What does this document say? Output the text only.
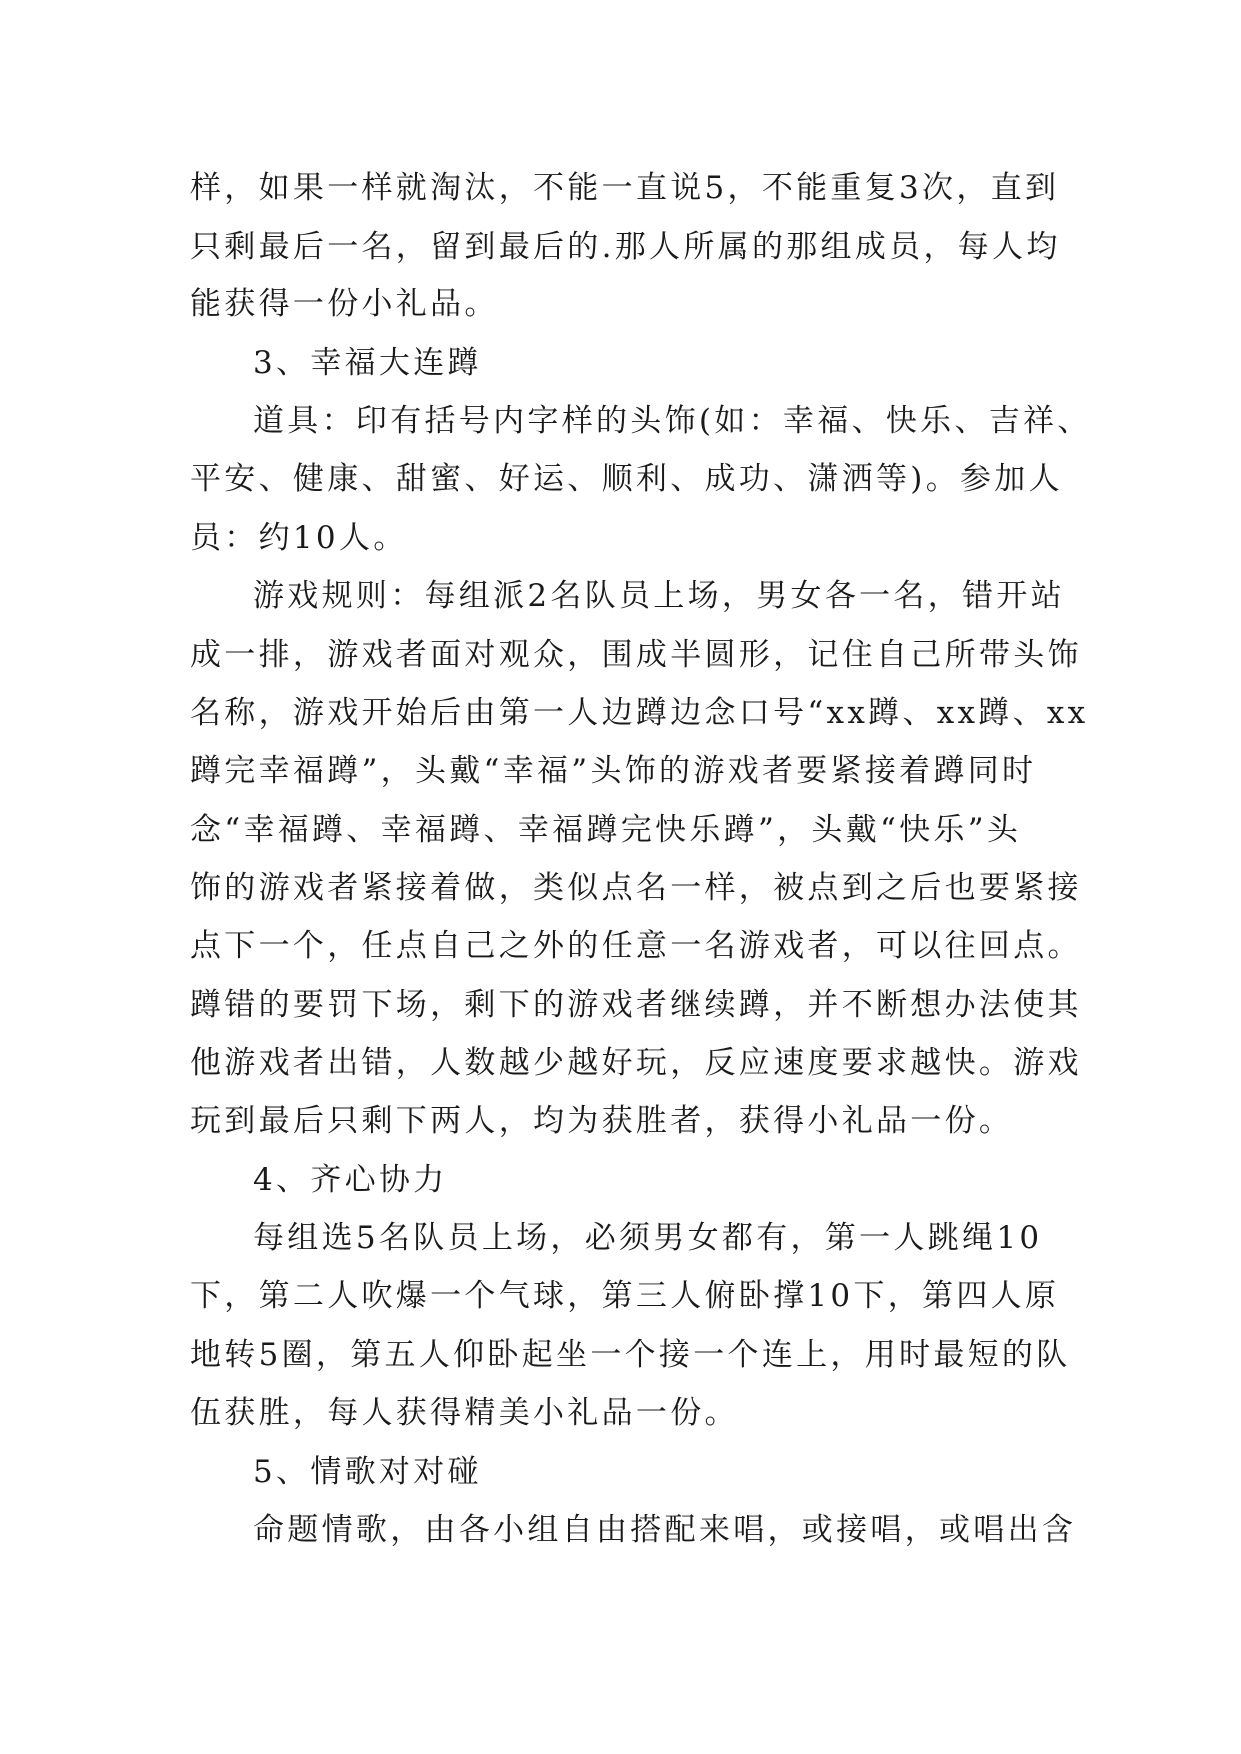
样，如果一样就淘汰，不能一直说5，不能重复3次，直到
只剩最后一名，留到最后的.那人所属的那组成员，每人均
能获得一份小礼品。
3、幸福大连蹲
道具：印有括号内字样的头饰(如：幸福、快乐、吉祥、
平安、健康、甜蜜、好运、顺利、成功、潇洒等)。参加人
员：约10人。
游戏规则：每组派2名队员上场，男女各一名，错开站
成一排，游戏者面对观众，围成半圆形，记住自己所带头饰
名称，游戏开始后由第一人边蹲边念口号“xx蹲、xx蹲、xx
蹲完幸福蹲”，头戴“幸福”头饰的游戏者要紧接着蹲同时
念“幸福蹲、幸福蹲、幸福蹲完快乐蹲”，头戴“快乐”头
饰的游戏者紧接着做，类似点名一样，被点到之后也要紧接
点下一个，任点自己之外的任意一名游戏者，可以往回点。
蹲错的要罚下场，剩下的游戏者继续蹲，并不断想办法使其
他游戏者出错，人数越少越好玩，反应速度要求越快。游戏
玩到最后只剩下两人，均为获胜者，获得小礼品一份。
4、齐心协力
每组选5名队员上场，必须男女都有，第一人跳绳10
下，第二人吹爆一个气球，第三人俯卧撑10下，第四人原
地转5圈，第五人仰卧起坐一个接一个连上，用时最短的队
伍获胜，每人获得精美小礼品一份。
5、情歌对对碰
命题情歌，由各小组自由搭配来唱，或接唱，或唱出含
